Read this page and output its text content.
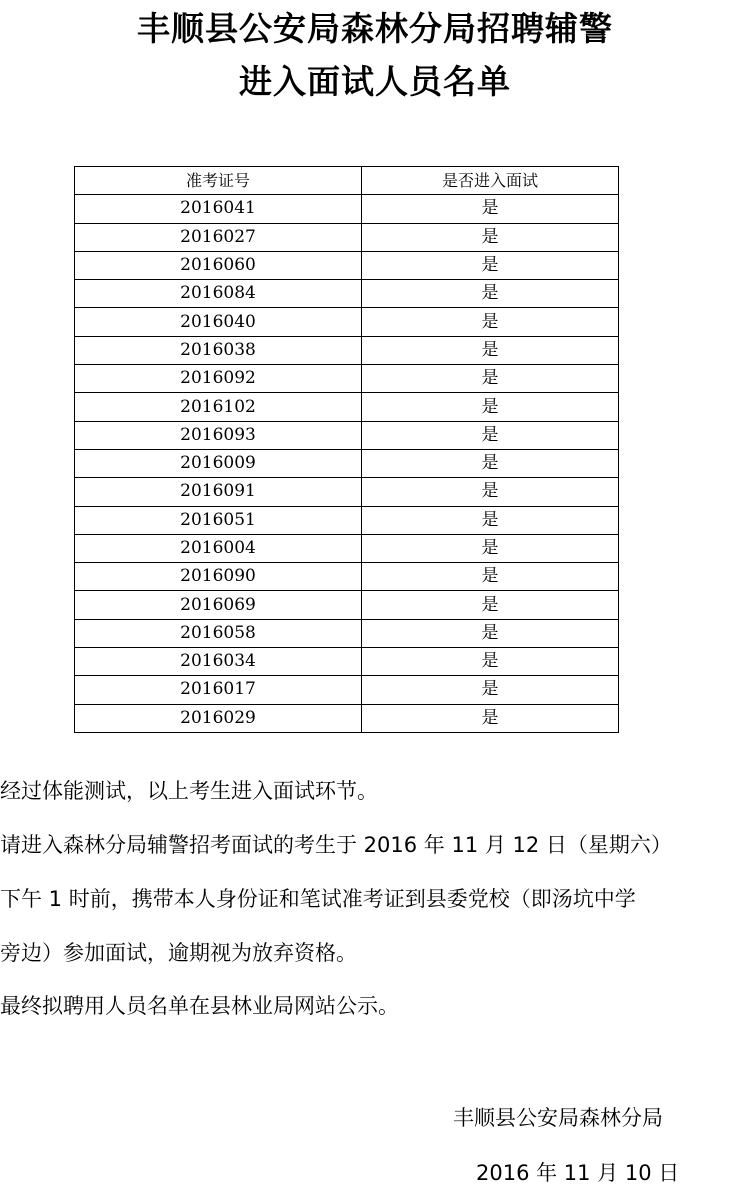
丰顺县公安局森林分局招聘辅警
进入面试人员名单
准考证号	是否进入面试
2016041	是
2016027	是
2016060	是
2016084	是
2016040	是
2016038	是
2016092	是
2016102	是
2016093	是
2016009	是
2016091	是
2016051	是
2016004	是
2016090	是
2016069	是
2016058	是
2016034	是
2016017	是
2016029	是

经过体能测试，以上考生进入面试环节。

请进入森林分局辅警招考面试的考生于 2016 年 11 月 12 日（星期六）

下午 1 时前，携带本人身份证和笔试准考证到县委党校（即汤坑中学

旁边）参加面试，逾期视为放弃资格。

最终拟聘用人员名单在县林业局网站公示。

丰顺县公安局森林分局
2016 年 11 月 10 日
